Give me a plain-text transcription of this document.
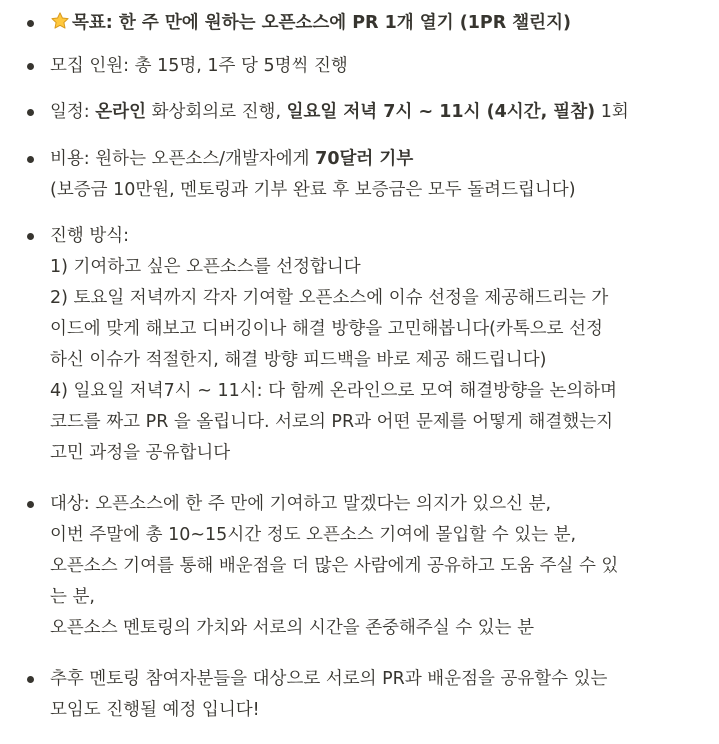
목표: 한 주 만에 원하는 오픈소스에 PR 1개 열기 (1PR 챌린지)
모집 인원: 총 15명, 1주 당 5명씩 진행
일정: 온라인 화상회의로 진행, 일요일 저녁 7시 ~ 11시 (4시간, 필참) 1회
비용: 원하는 오픈소스/개발자에게 70달러 기부
(보증금 10만원, 멘토링과 기부 완료 후 보증금은 모두 돌려드립니다)
진행 방식:
1) 기여하고 싶은 오픈소스를 선정합니다
2) 토요일 저녁까지 각자 기여할 오픈소스에 이슈 선정을 제공해드리는 가
이드에 맞게 해보고 디버깅이나 해결 방향을 고민해봅니다(카톡으로 선정
하신 이슈가 적절한지, 해결 방향 피드백을 바로 제공 해드립니다)
4) 일요일 저녁7시 ~ 11시: 다 함께 온라인으로 모여 해결방향을 논의하며
코드를 짜고 PR 을 올립니다. 서로의 PR과 어떤 문제를 어떻게 해결했는지
고민 과정을 공유합니다
대상: 오픈소스에 한 주 만에 기여하고 말겠다는 의지가 있으신 분,
이번 주말에 총 10~15시간 정도 오픈소스 기여에 몰입할 수 있는 분,
오픈소스 기여를 통해 배운점을 더 많은 사람에게 공유하고 도움 주실 수 있
는 분,
오픈소스 멘토링의 가치와 서로의 시간을 존중해주실 수 있는 분
추후 멘토링 참여자분들을 대상으로 서로의 PR과 배운점을 공유할수 있는
모임도 진행될 예정 입니다!
